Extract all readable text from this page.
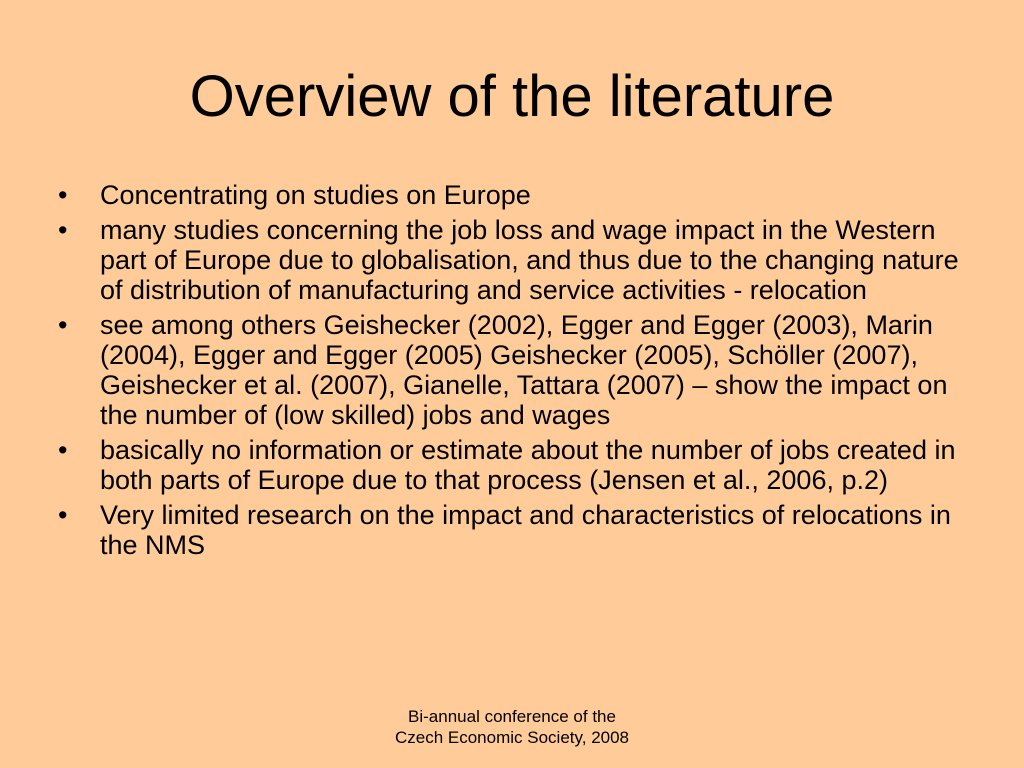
Overview of the literature
•	Concentrating on studies on Europe
•	many studies concerning the job loss and wage impact in the Western part of Europe due to globalisation, and thus due to the changing nature of distribution of manufacturing and service activities - relocation
•	see among others Geishecker (2002), Egger and Egger (2003), Marin (2004), Egger and Egger (2005) Geishecker (2005), Schöller (2007), Geishecker et al. (2007), Gianelle, Tattara (2007) – show the impact on the number of (low skilled) jobs and wages
•	basically no information or estimate about the number of jobs created in both parts of Europe due to that process (Jensen et al., 2006, p.2)
•	Very limited research on the impact and characteristics of relocations in the NMS
Bi-annual conference of the
Czech Economic Society, 2008
